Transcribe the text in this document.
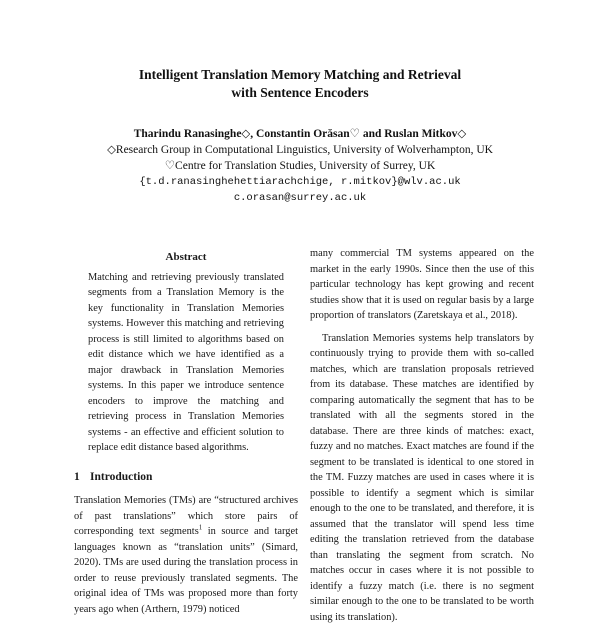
Intelligent Translation Memory Matching and Retrieval
with Sentence Encoders
Tharindu Ranasinghe◇, Constantin Orăsan♡ and Ruslan Mitkov◇
◇Research Group in Computational Linguistics, University of Wolverhampton, UK
♡Centre for Translation Studies, University of Surrey, UK
{t.d.ranasinghehettiarachchige, r.mitkov}@wlv.ac.uk
c.orasan@surrey.ac.uk
Abstract

Matching and retrieving previously translated segments from a Translation Memory is the key functionality in Translation Memories systems. However this matching and retrieving process is still limited to algorithms based on edit distance which we have identified as a major drawback in Translation Memories systems. In this paper we introduce sentence encoders to improve the matching and retrieving process in Translation Memories systems - an effective and efficient solution to replace edit distance based algorithms.

1 Introduction

Translation Memories (TMs) are “structured archives of past translations” which store pairs of corresponding text segments$^1$ in source and target languages known as “translation units” (Simard, 2020). TMs are used during the translation process in order to reuse previously translated segments. The original idea of TMs was proposed more than forty years ago when (Arthern, 1979) noticed

many commercial TM systems appeared on the market in the early 1990s. Since then the use of this particular technology has kept growing and recent studies show that it is used on regular basis by a large proportion of translators (Zaretskaya et al., 2018).

Translation Memories systems help translators by continuously trying to provide them with so-called matches, which are translation proposals retrieved from its database. These matches are identified by comparing automatically the segment that has to be translated with all the segments stored in the database. There are three kinds of matches: exact, fuzzy and no matches. Exact matches are found if the segment to be translated is identical to one stored in the TM. Fuzzy matches are used in cases where it is possible to identify a segment which is similar enough to the one to be translated, and therefore, it is assumed that the translator will spend less time editing the translation retrieved from the database than translating the segment from scratch. No matches occur in cases where it is not possible to identify a fuzzy match (i.e. there is no segment similar enough to the one to be translated to be worth using its translation).
